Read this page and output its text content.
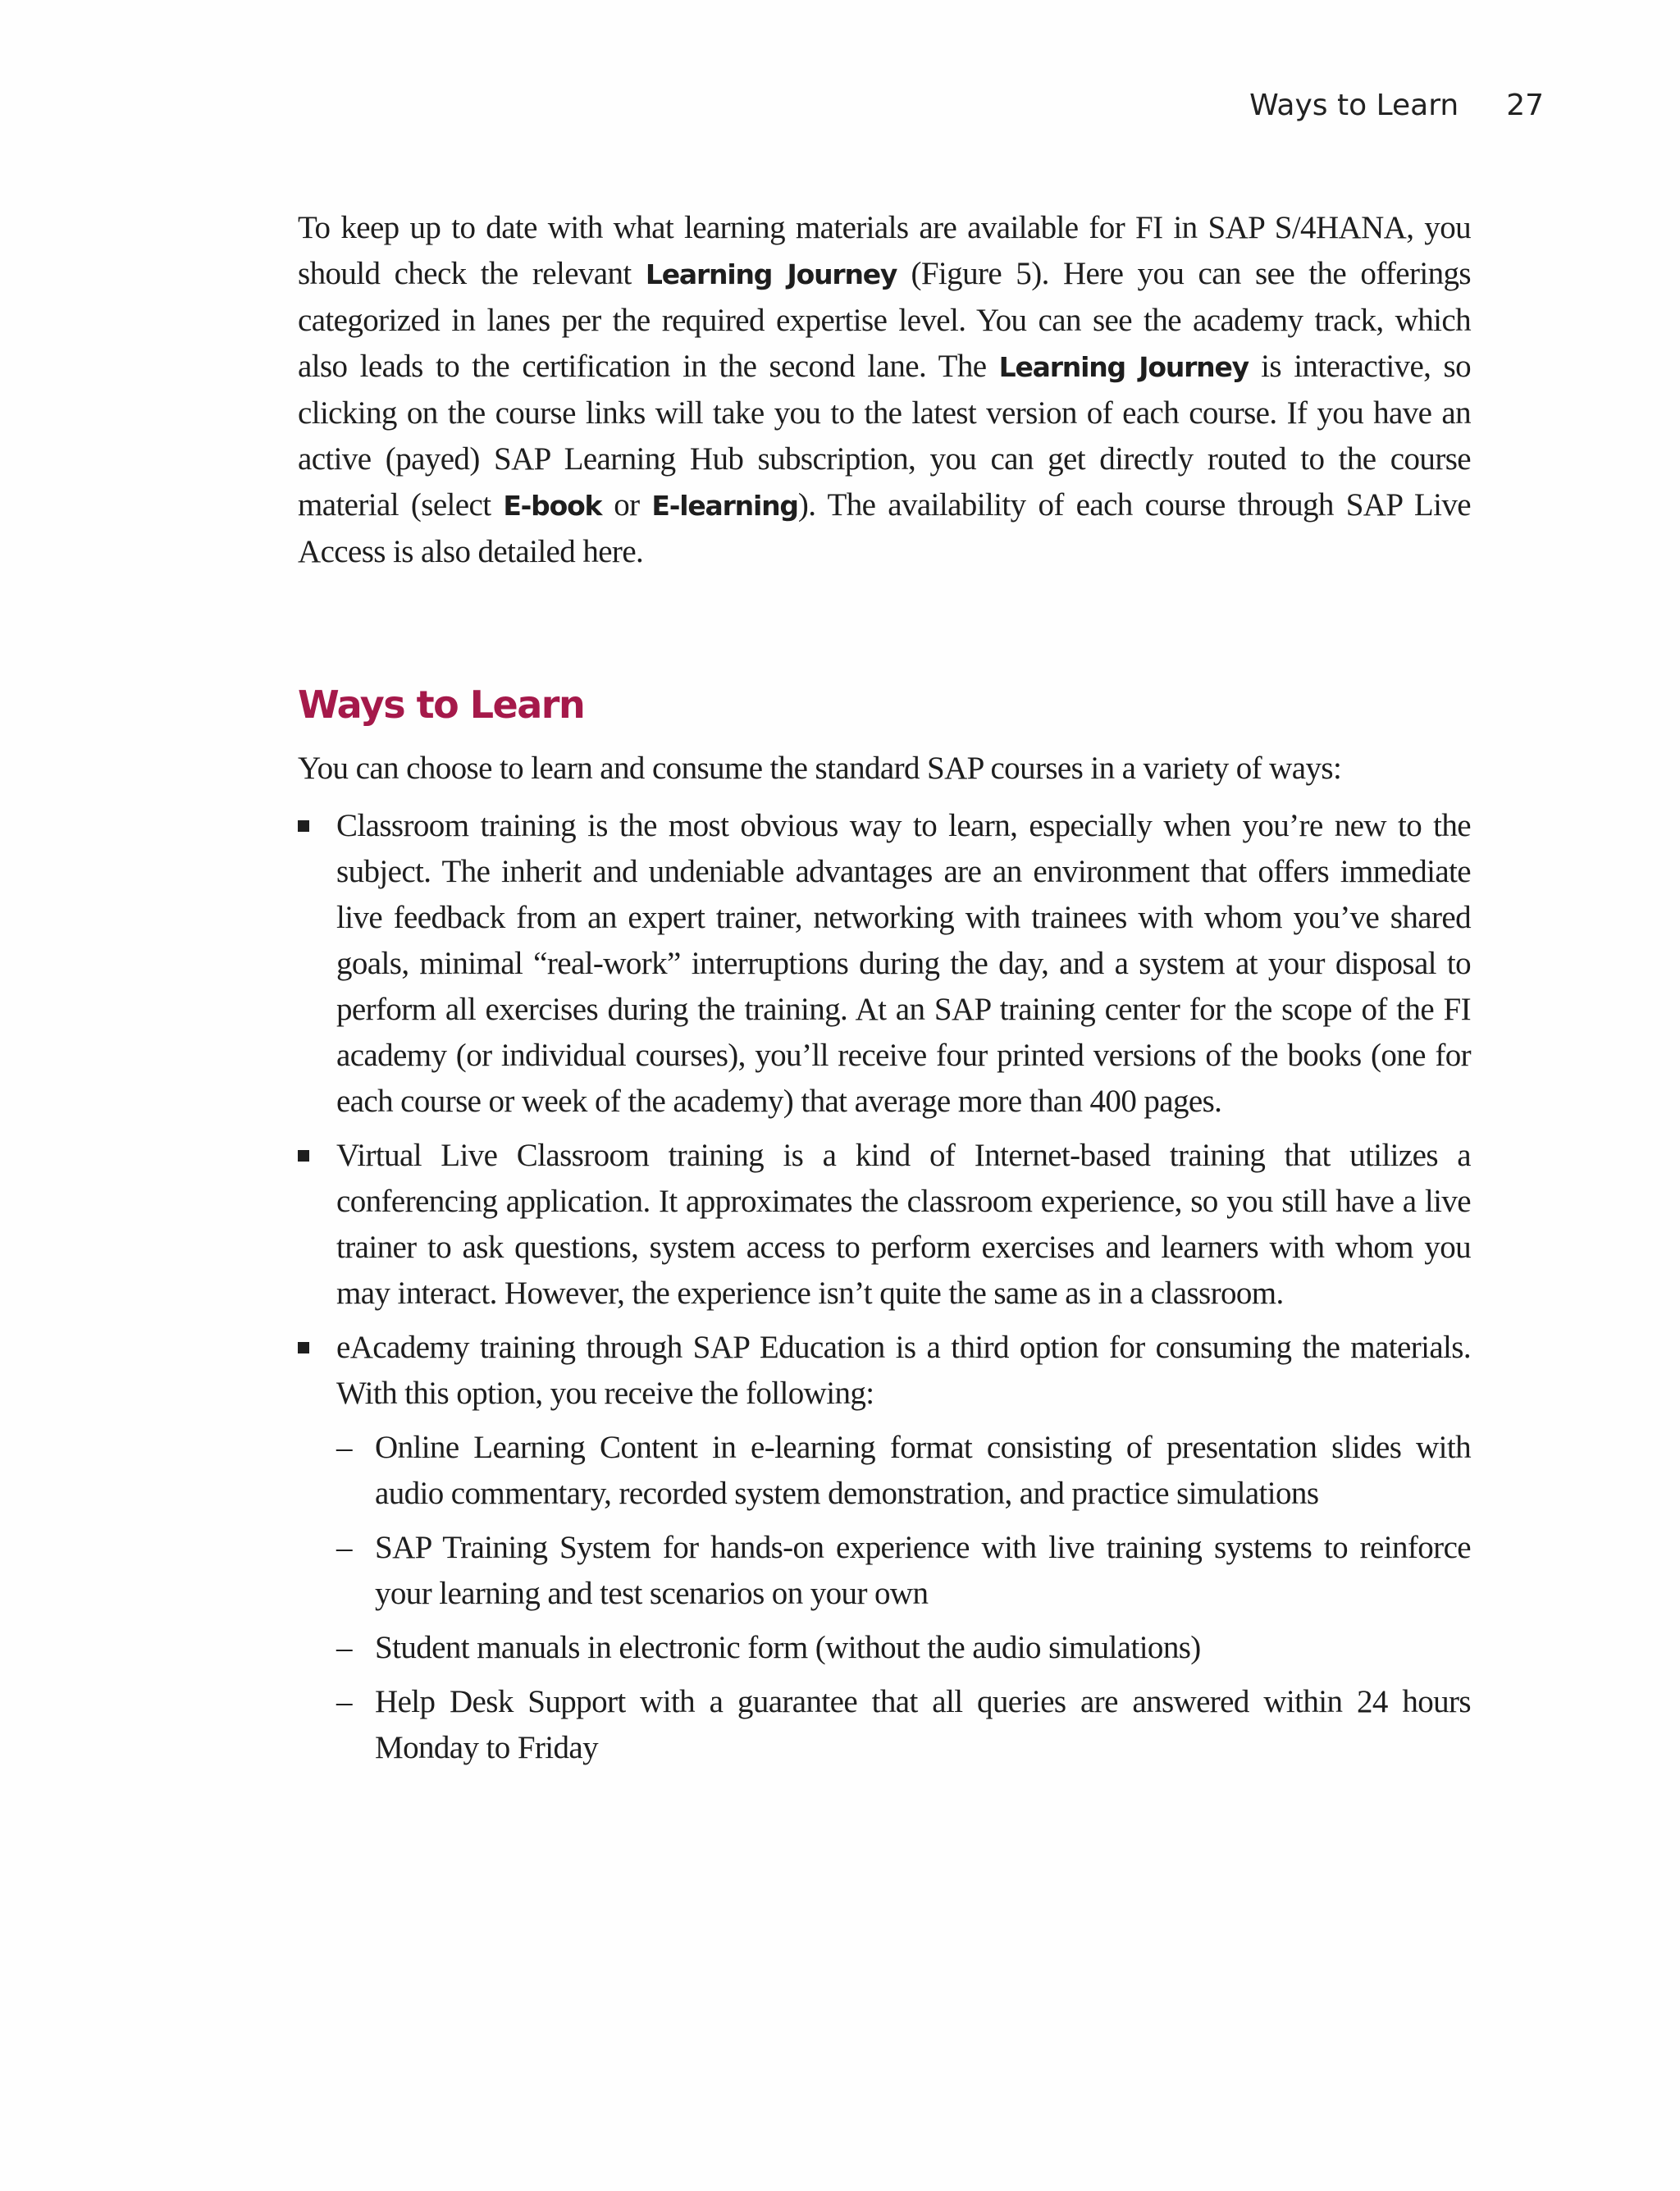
Ways to Learn 27

To keep up to date with what learning materials are available for FI in SAP S/4HANA, you should check the relevant Learning Journey (Figure 5). Here you can see the offerings categorized in lanes per the required expertise level. You can see the academy track, which also leads to the certification in the second lane. The Learning Journey is interactive, so clicking on the course links will take you to the latest version of each course. If you have an active (payed) SAP Learning Hub subscription, you can get directly routed to the course material (select E-book or E-learning). The availability of each course through SAP Live Access is also detailed here.

Ways to Learn

You can choose to learn and consume the standard SAP courses in a variety of ways:

Classroom training is the most obvious way to learn, especially when you’re new to the subject. The inherit and undeniable advantages are an environment that offers immediate live feedback from an expert trainer, networking with trainees with whom you’ve shared goals, minimal “real-work” interruptions during the day, and a system at your disposal to perform all exercises during the training. At an SAP training center for the scope of the FI academy (or individual courses), you’ll receive four printed versions of the books (one for each course or week of the academy) that average more than 400 pages.
Virtual Live Classroom training is a kind of Internet-based training that utilizes a conferencing application. It approximates the classroom experience, so you still have a live trainer to ask questions, system access to perform exercises and learners with whom you may interact. However, the experience isn’t quite the same as in a classroom.
eAcademy training through SAP Education is a third option for consuming the materials. With this option, you receive the following:
– Online Learning Content in e-learning format consisting of presentation slides with audio commentary, recorded system demonstration, and practice simulations
– SAP Training System for hands-on experience with live training systems to reinforce your learning and test scenarios on your own
– Student manuals in electronic form (without the audio simulations)
– Help Desk Support with a guarantee that all queries are answered within 24 hours Monday to Friday
